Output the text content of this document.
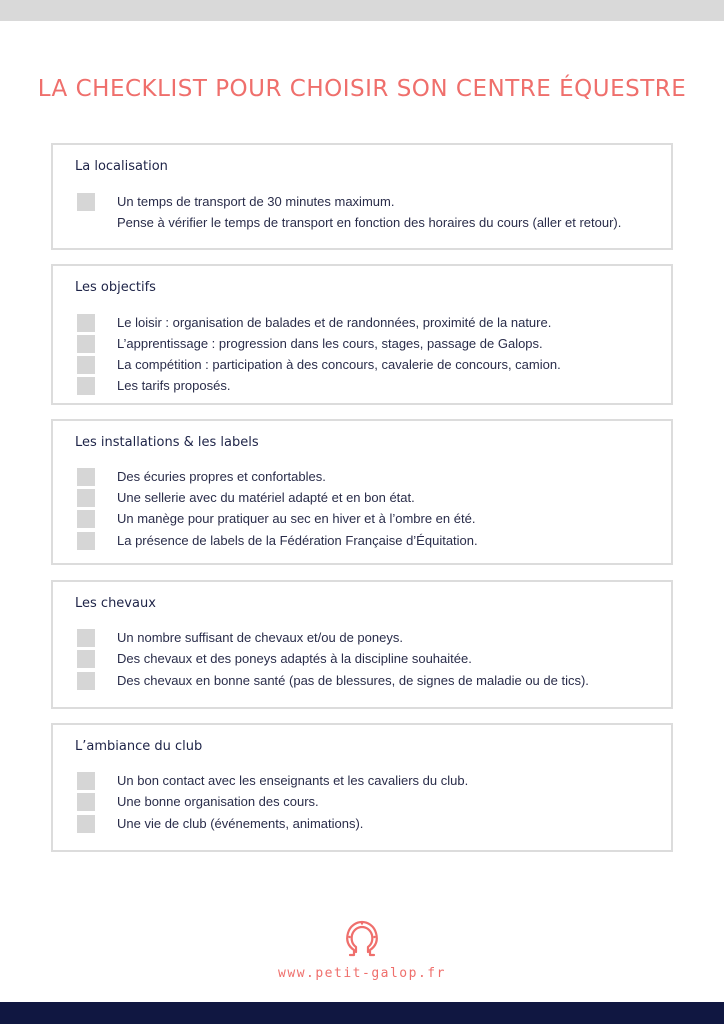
LA CHECKLIST POUR CHOISIR SON CENTRE ÉQUESTRE
La localisation
Un temps de transport de 30 minutes maximum.
Pense à vérifier le temps de transport en fonction des horaires du cours (aller et retour).
Les objectifs
Le loisir : organisation de balades et de randonnées, proximité de la nature.
L’apprentissage : progression dans les cours, stages, passage de Galops.
La compétition : participation à des concours, cavalerie de concours, camion.
Les tarifs proposés.
Les installations & les labels
Des écuries propres et confortables.
Une sellerie avec du matériel adapté et en bon état.
Un manège pour pratiquer au sec en hiver et à l’ombre en été.
La présence de labels de la Fédération Française d’Équitation.
Les chevaux
Un nombre suffisant de chevaux et/ou de poneys.
Des chevaux et des poneys adaptés à la discipline souhaitée.
Des chevaux en bonne santé (pas de blessures, de signes de maladie ou de tics).
L’ambiance du club
Un bon contact avec les enseignants et les cavaliers du club.
Une bonne organisation des cours.
Une vie de club (événements, animations).
www.petit-galop.fr
